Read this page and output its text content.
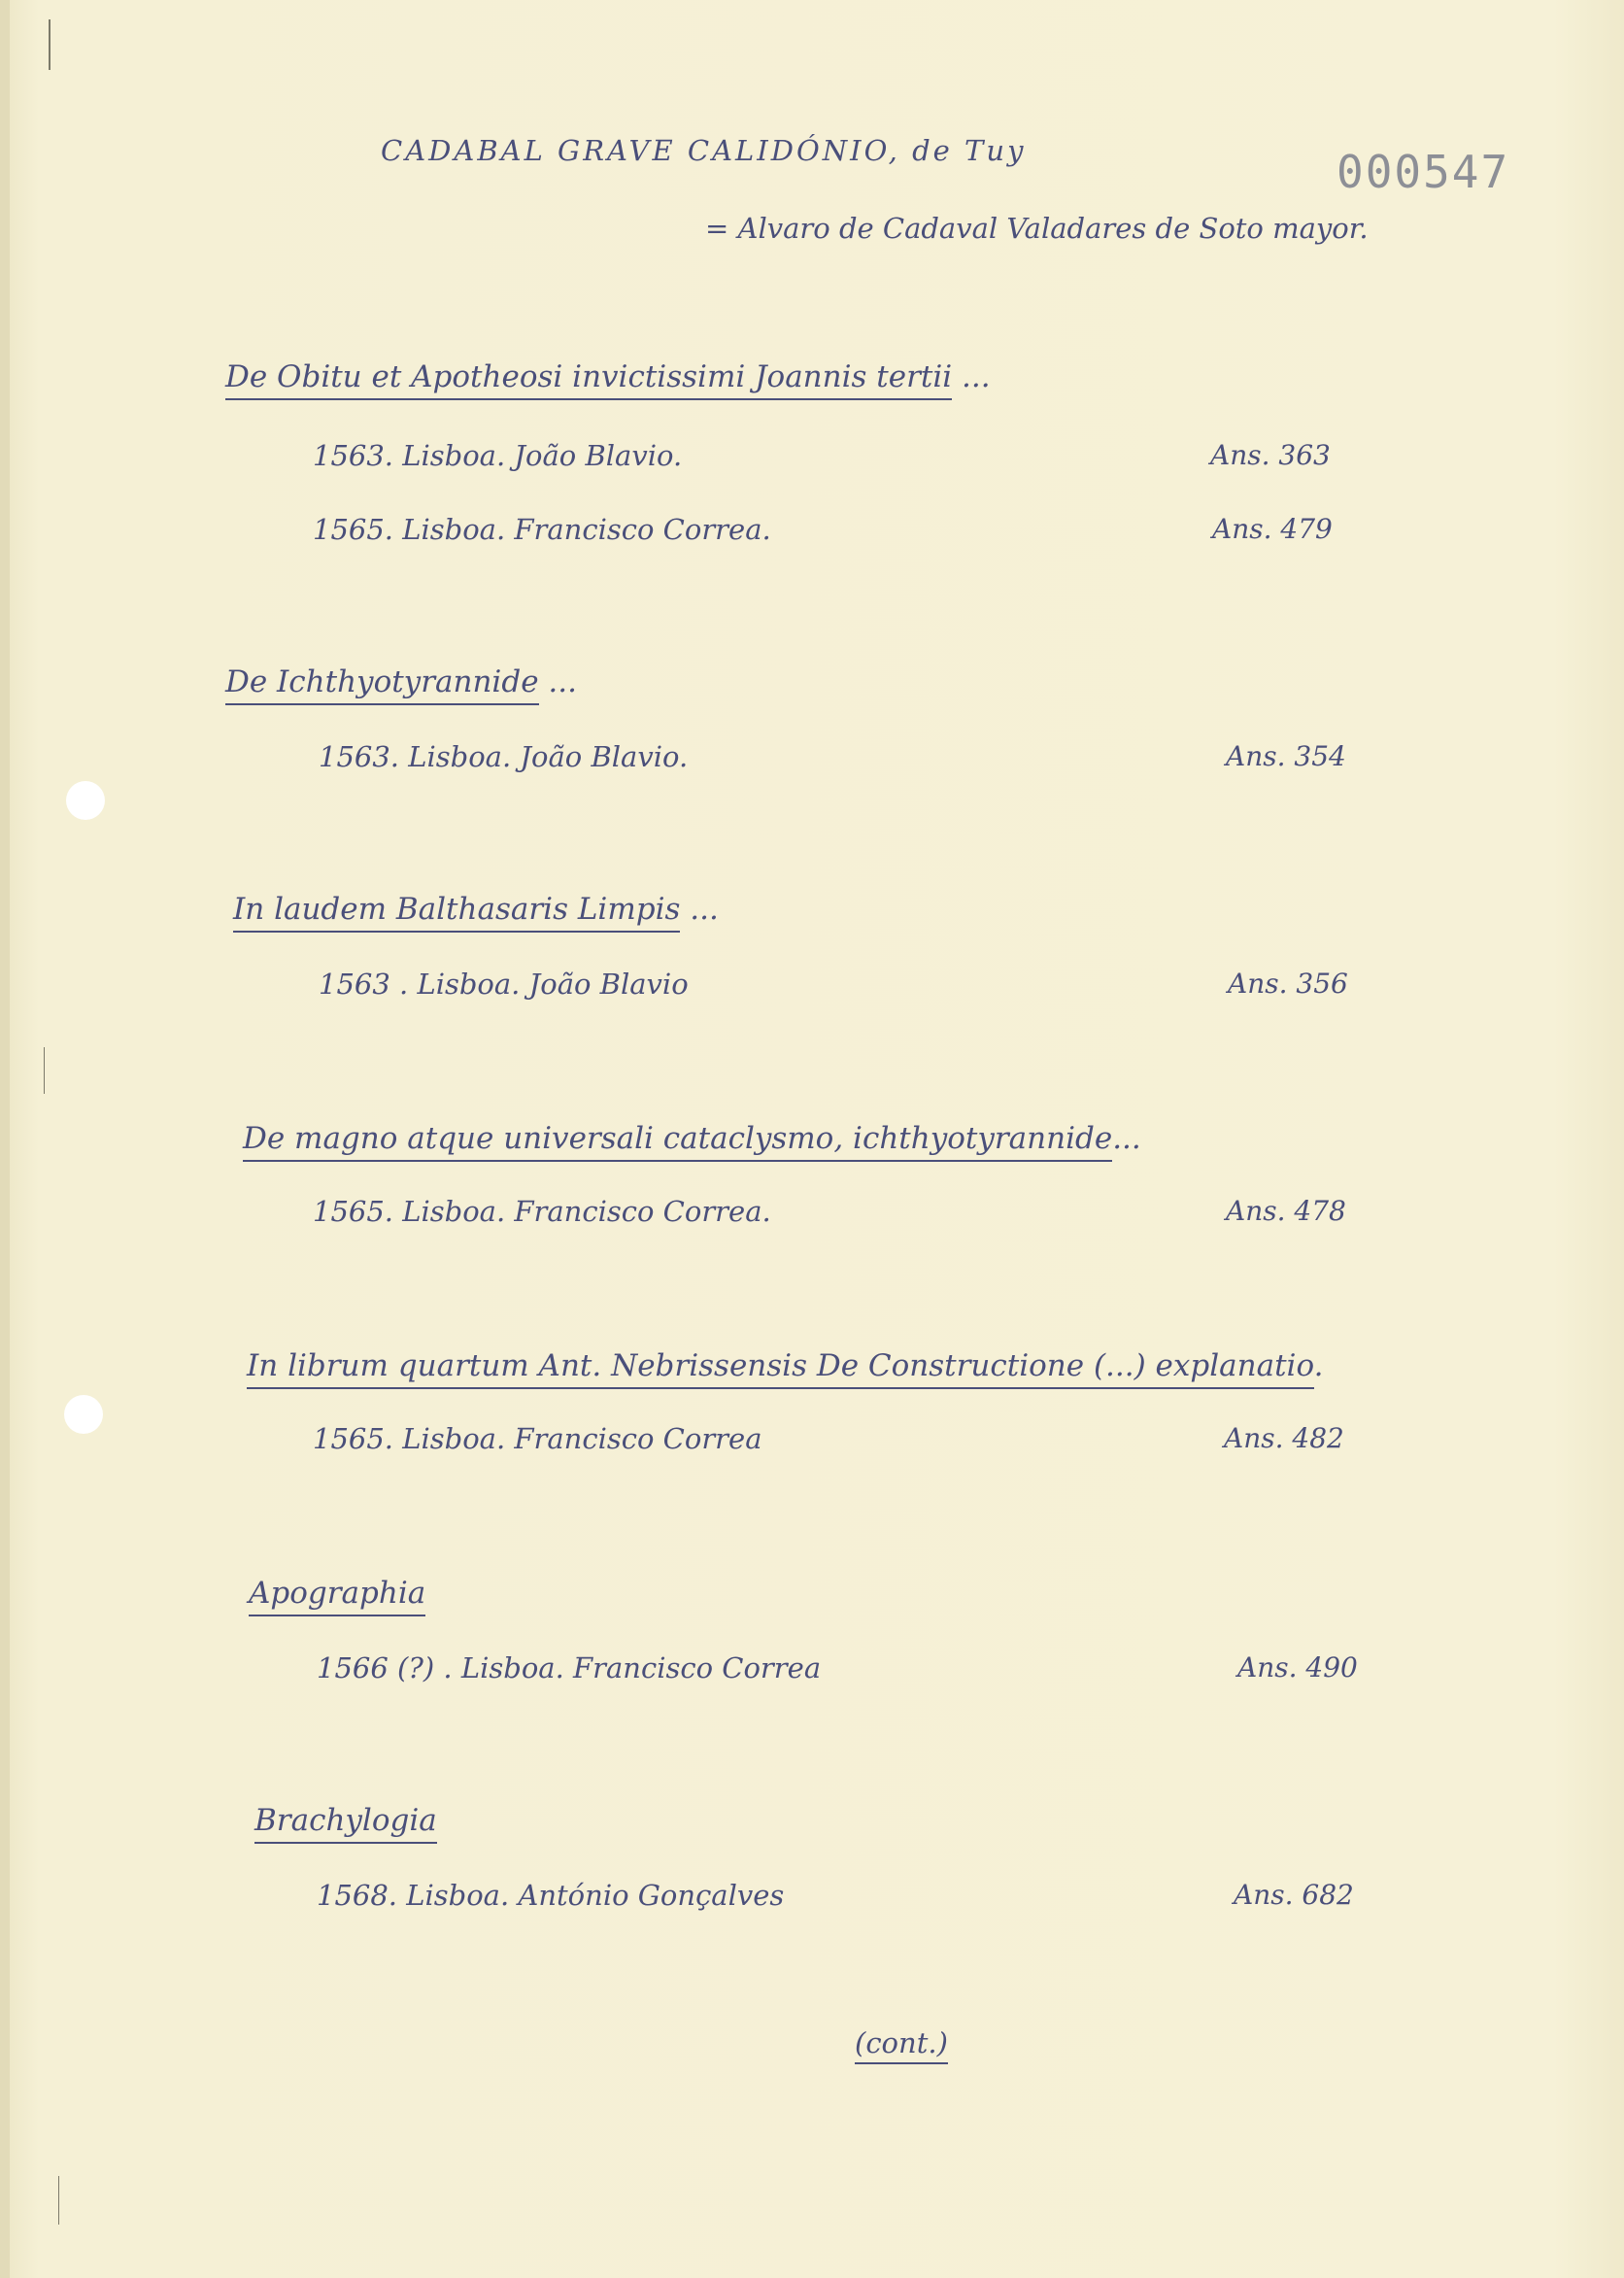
CADABAL GRAVE CALIDÓNIO, de Tuy
= Alvaro de Cadaval Valadares de Soto mayor.
000547
De Obitu et Apotheosi invictissimi Joannis tertii ...
1563. Lisboa. João Blavio.	Ans. 363
1565. Lisboa. Francisco Correa.	Ans. 479
De Ichthyotyrannide ...
1563. Lisboa. João Blavio.	Ans. 354
In laudem Balthasaris Limpis ...
1563 . Lisboa. João Blavio	Ans. 356
De magno atque universali cataclysmo, ichthyotyrannide...
1565. Lisboa. Francisco Correa.	Ans. 478
In librum quartum Ant. Nebrissensis De Constructione (...) explanatio.
1565. Lisboa. Francisco Correa	Ans. 482
Apographia
1566 (?) . Lisboa. Francisco Correa	Ans. 490
Brachylogia
1568. Lisboa. António Gonçalves	Ans. 682
(cont.)
